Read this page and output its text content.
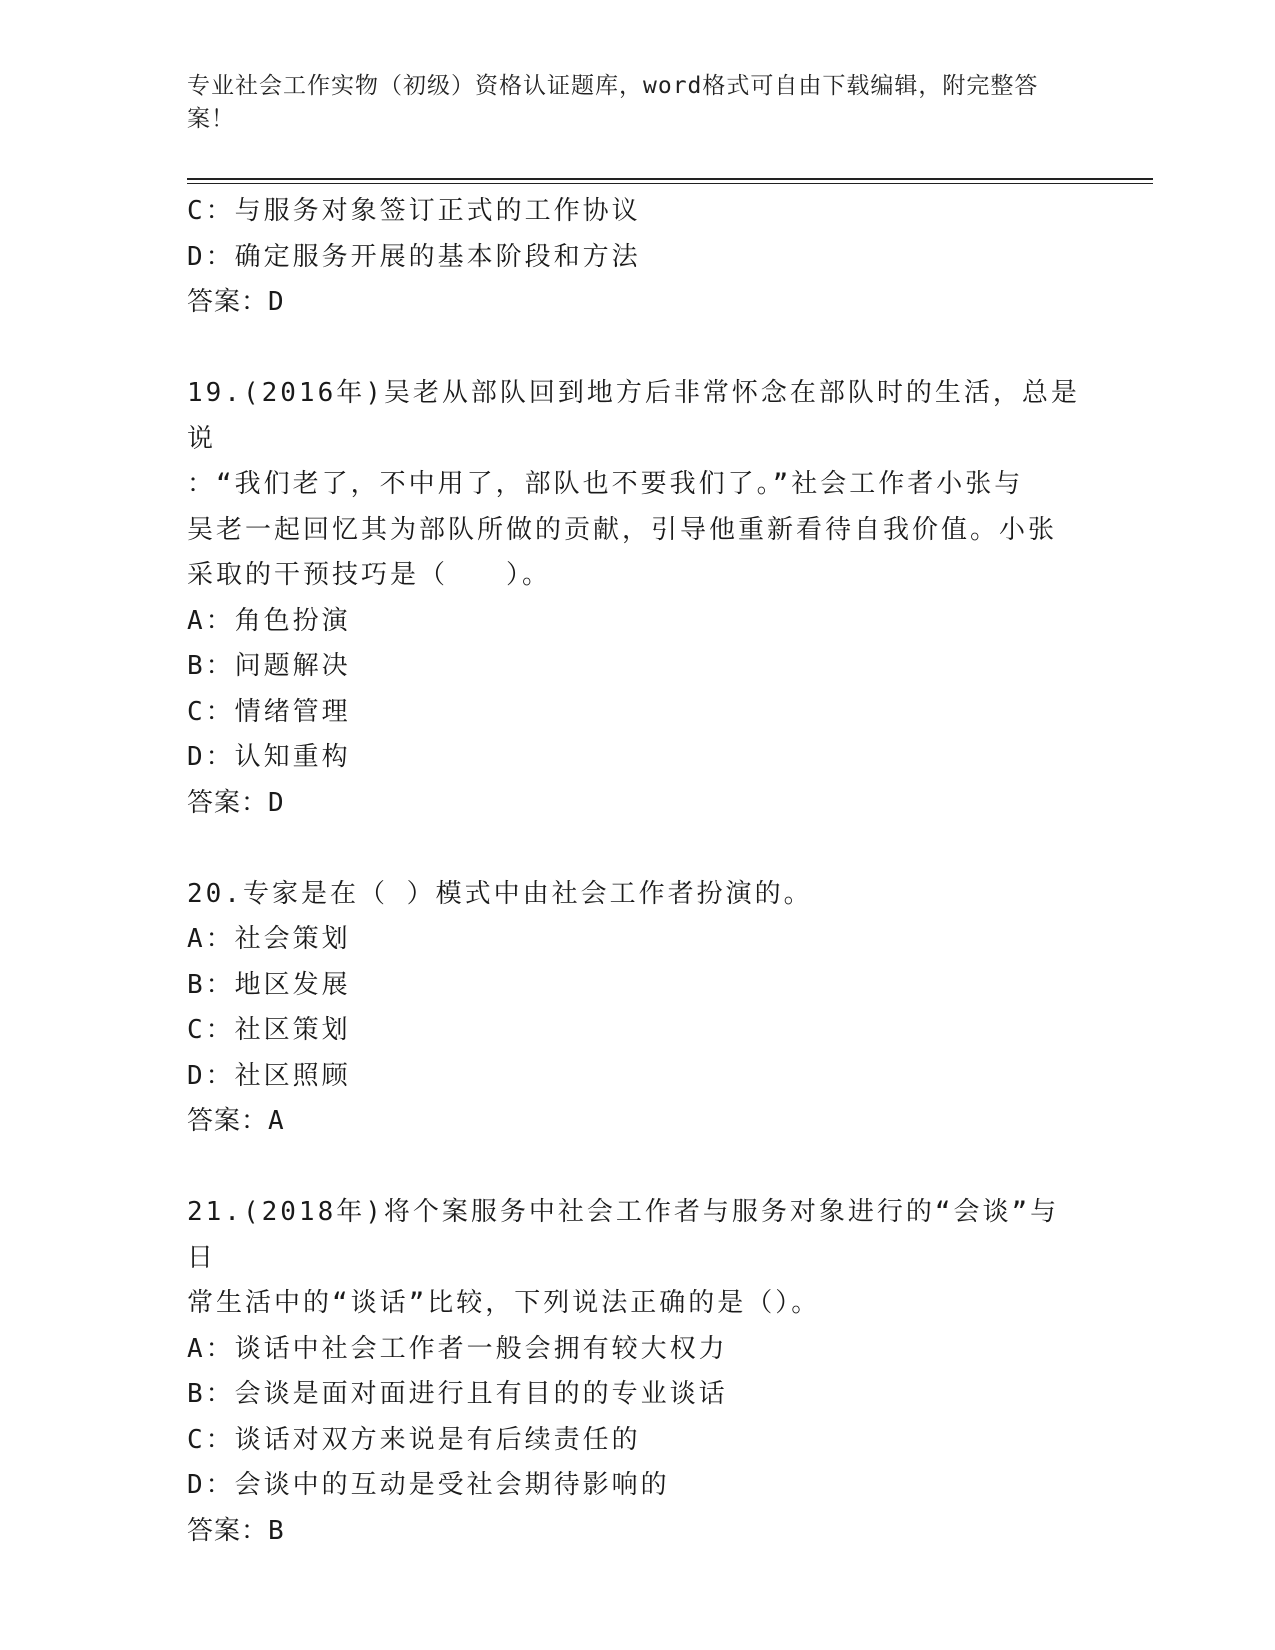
专业社会工作实物（初级）资格认证题库，word格式可自由下载编辑，附完整答案！
C：与服务对象签订正式的工作协议
D：确定服务开展的基本阶段和方法
答案：D
19.(2016年)吴老从部队回到地方后非常怀念在部队时的生活，总是说
：“我们老了，不中用了，部队也不要我们了。”社会工作者小张与
吴老一起回忆其为部队所做的贡献，引导他重新看待自我价值。小张
采取的干预技巧是（　　）。
A：角色扮演
B：问题解决
C：情绪管理
D：认知重构
答案：D
20.专家是在（ ）模式中由社会工作者扮演的。
A：社会策划
B：地区发展
C：社区策划
D：社区照顾
答案：A
21.(2018年)将个案服务中社会工作者与服务对象进行的“会谈”与日
常生活中的“谈话”比较，下列说法正确的是（）。
A：谈话中社会工作者一般会拥有较大权力
B：会谈是面对面进行且有目的的专业谈话
C：谈话对双方来说是有后续责任的
D：会谈中的互动是受社会期待影响的
答案：B
